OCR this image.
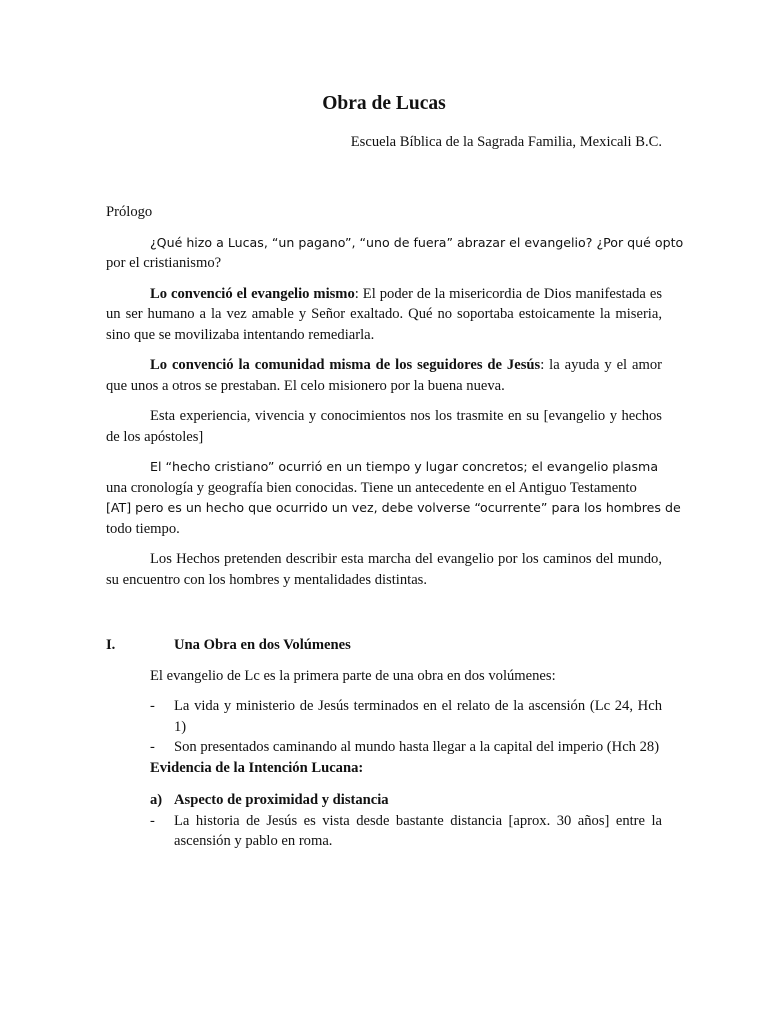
Obra de Lucas
Escuela Bíblica de la Sagrada Familia, Mexicali B.C.

Prólogo

¿Qué hizo a Lucas, “un pagano”, “uno de fuera” abrazar el evangelio? ¿Por qué opto

por el cristianismo?

Lo convenció el evangelio mismo: El poder de la misericordia de Dios manifestada es un ser humano a la vez amable y Señor exaltado. Qué no soportaba estoicamente la miseria, sino que se movilizaba intentando remediarla.

Lo convenció la comunidad misma de los seguidores de Jesús: la ayuda y el amor que unos a otros se prestaban. El celo misionero por la buena nueva.

Esta experiencia, vivencia y conocimientos nos los trasmite en su [evangelio y hechos de los apóstoles]

El “hecho cristiano” ocurrió en un tiempo y lugar concretos; el evangelio plasma

una cronología y geografía bien conocidas. Tiene un antecedente en el Antiguo Testamento

[AT] pero es un hecho que ocurrido un vez, debe volverse “ocurrente” para los hombres de

todo tiempo.

Los Hechos pretenden describir esta marcha del evangelio por los caminos del mundo, su encuentro con los hombres y mentalidades distintas.

I.	Una Obra en dos Volúmenes

El evangelio de Lc es la primera parte de una obra en dos volúmenes:

-	La vida y ministerio de Jesús terminados en el relato de la ascensión (Lc 24, Hch 1)
-	Son presentados caminando al mundo hasta llegar a la capital del imperio (Hch 28)

Evidencia de la Intención Lucana:

a) Aspecto de proximidad y distancia
-	La historia de Jesús es vista desde bastante distancia [aprox. 30 años] entre la ascensión y pablo en roma.
